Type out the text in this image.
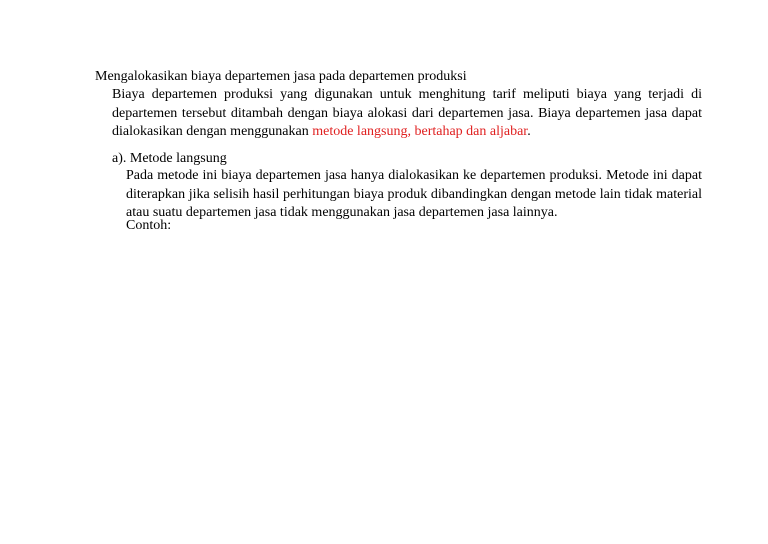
Mengalokasikan biaya departemen jasa pada departemen produksi
Biaya departemen produksi yang digunakan untuk menghitung tarif meliputi biaya yang terjadi di departemen tersebut ditambah dengan biaya alokasi dari departemen jasa. Biaya departemen jasa dapat dialokasikan dengan menggunakan metode langsung, bertahap dan aljabar.
a). Metode langsung
Pada metode ini biaya departemen jasa hanya dialokasikan ke departemen produksi. Metode ini dapat diterapkan jika selisih hasil perhitungan biaya produk dibandingkan dengan metode lain tidak material atau suatu departemen jasa tidak menggunakan jasa departemen jasa lainnya.
Contoh:
